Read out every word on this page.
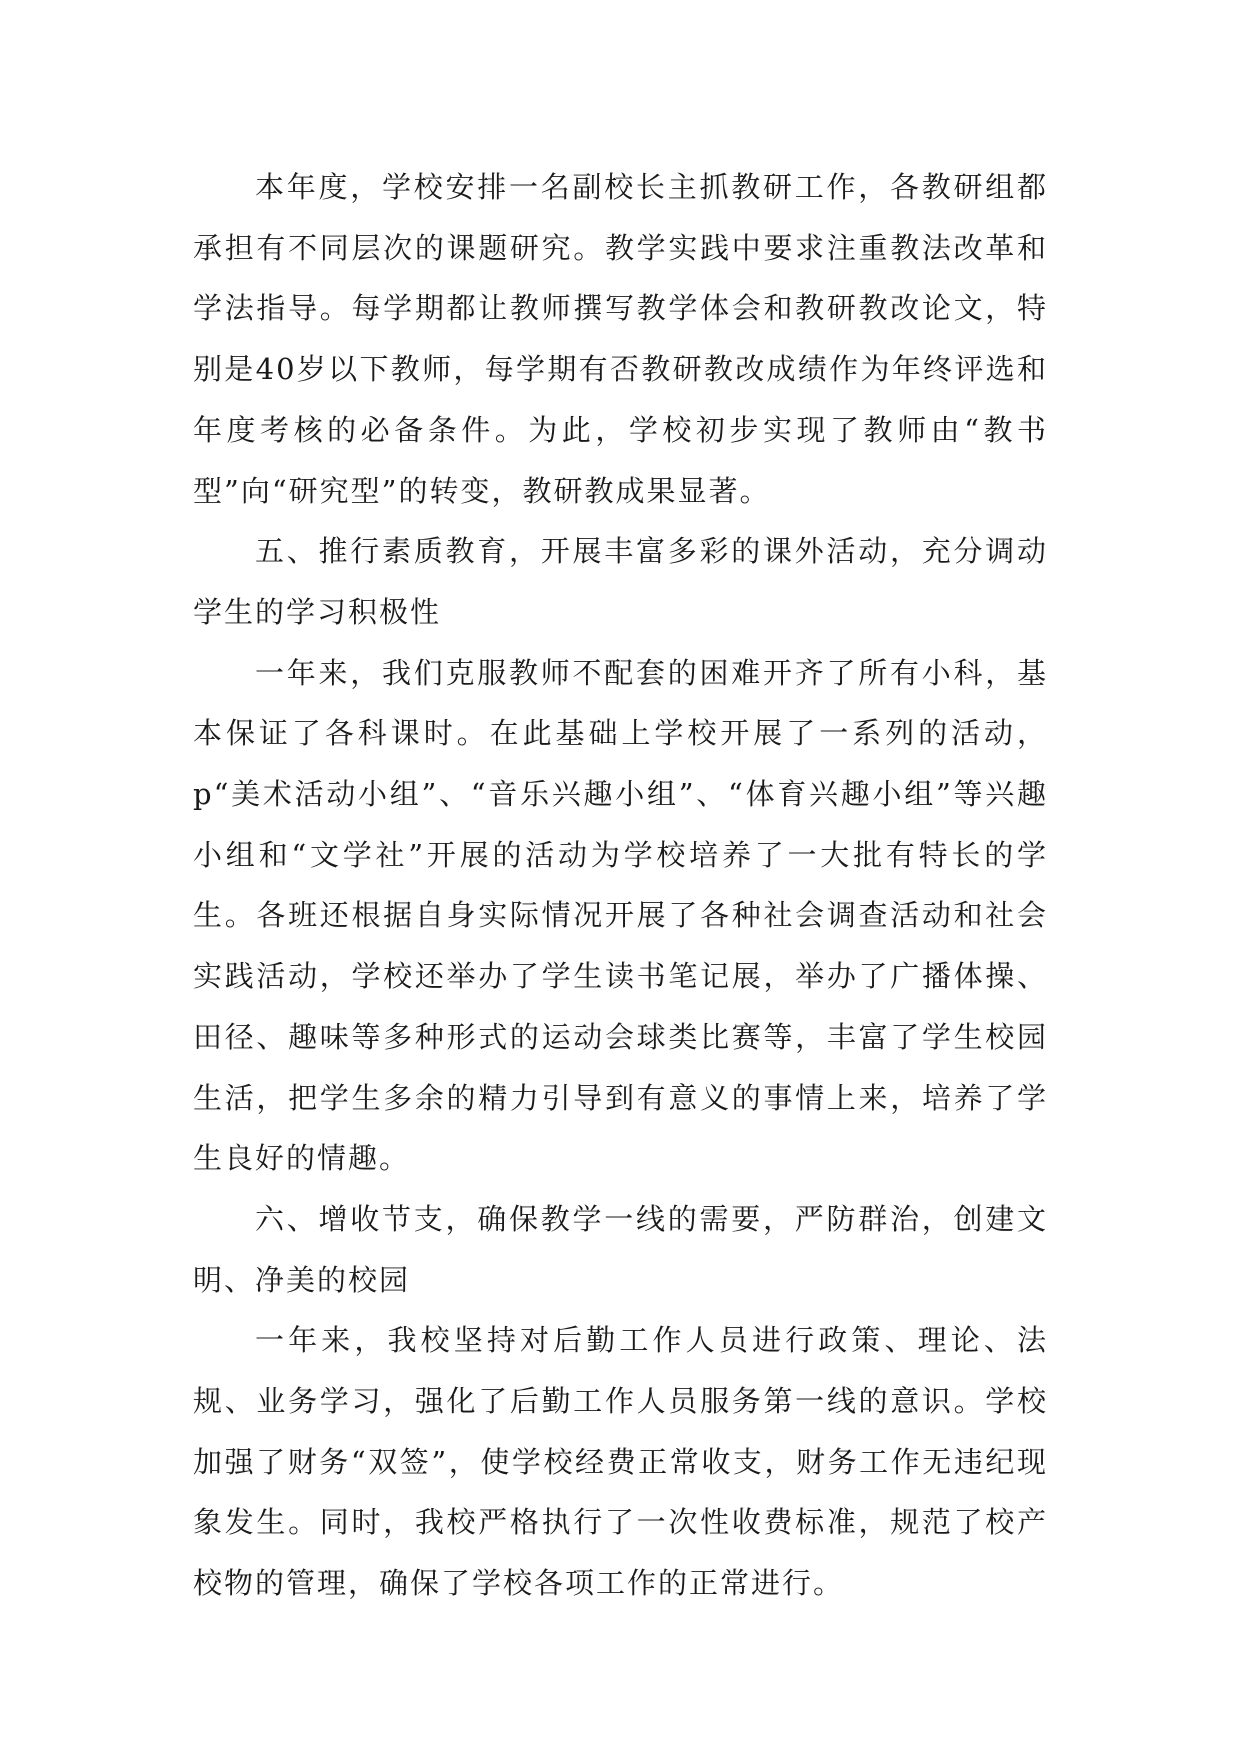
本年度，学校安排一名副校长主抓教研工作，各教研组都承担有不同层次的课题研究。教学实践中要求注重教法改革和学法指导。每学期都让教师撰写教学体会和教研教改论文，特别是40岁以下教师，每学期有否教研教改成绩作为年终评选和年度考核的必备条件。为此，学校初步实现了教师由“教书型”向“研究型”的转变，教研教成果显著。

五、推行素质教育，开展丰富多彩的课外活动，充分调动学生的学习积极性

一年来，我们克服教师不配套的困难开齐了所有小科，基本保证了各科课时。在此基础上学校开展了一系列的活动，p“美术活动小组”、“音乐兴趣小组”、“体育兴趣小组”等兴趣小组和“文学社”开展的活动为学校培养了一大批有特长的学生。各班还根据自身实际情况开展了各种社会调查活动和社会实践活动，学校还举办了学生读书笔记展，举办了广播体操、田径、趣味等多种形式的运动会球类比赛等，丰富了学生校园生活，把学生多余的精力引导到有意义的事情上来，培养了学生良好的情趣。

六、增收节支，确保教学一线的需要，严防群治，创建文明、净美的校园

一年来，我校坚持对后勤工作人员进行政策、理论、法规、业务学习，强化了后勤工作人员服务第一线的意识。学校加强了财务“双签”，使学校经费正常收支，财务工作无违纪现象发生。同时，我校严格执行了一次性收费标准，规范了校产校物的管理，确保了学校各项工作的正常进行。
